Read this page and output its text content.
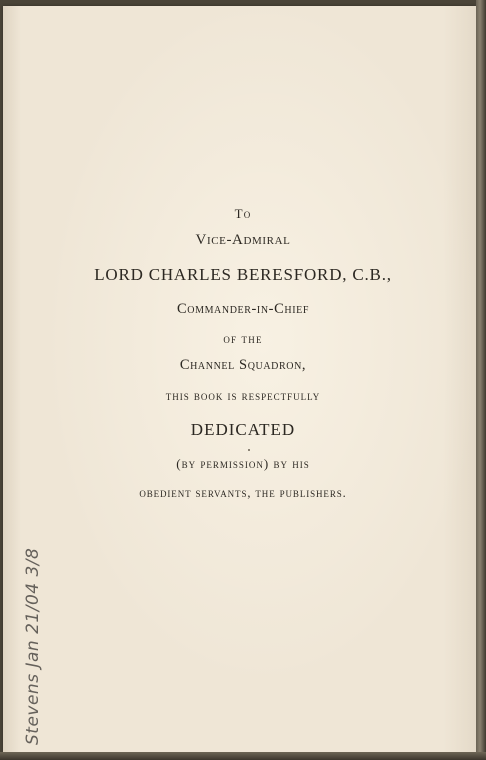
To
Vice-Admiral
LORD CHARLES BERESFORD, C.B.,
Commander-in-Chief
of the
Channel Squadron,
this book is respectfully
DEDICATED
(by permission) by his
obedient servants, the publishers.
Stevens Jan 21/04 3/8
